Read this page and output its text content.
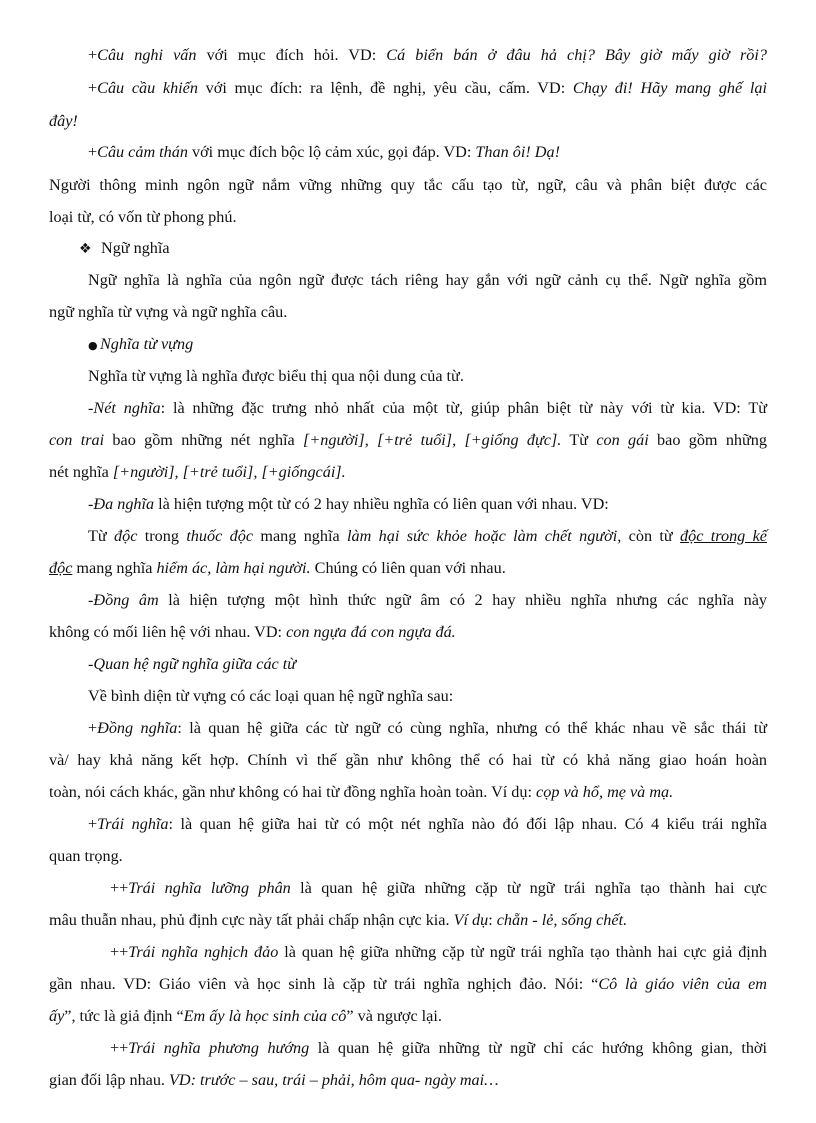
+Câu nghi vấn với mục đích hỏi. VD: Cá biển bán ở đâu hả chị? Bây giờ mấy giờ rồi?
+Câu cầu khiến với mục đích: ra lệnh, đề nghị, yêu cầu, cấm. VD: Chạy đi! Hãy mang ghế lại
đây!
+Câu cảm thán với mục đích bộc lộ cảm xúc, gọi đáp. VD: Than ôi! Dạ!
Người thông minh ngôn ngữ nắm vững những quy tắc cấu tạo từ, ngữ, câu và phân biệt được các
loại từ, có vốn từ phong phú.
❖ Ngữ nghĩa
Ngữ nghĩa là nghĩa của ngôn ngữ được tách riêng hay gắn với ngữ cảnh cụ thể. Ngữ nghĩa gồm
ngữ nghĩa từ vựng và ngữ nghĩa câu.
● Nghĩa từ vựng
Nghĩa từ vựng là nghĩa được biểu thị qua nội dung của từ.
-Nét nghĩa: là những đặc trưng nhỏ nhất của một từ, giúp phân biệt từ này với từ kia. VD: Từ
con trai bao gồm những nét nghĩa [+người], [+trẻ tuổi], [+giống đực]. Từ con gái bao gồm những
nét nghĩa [+người], [+trẻ tuổi], [+giốngcái].
-Đa nghĩa là hiện tượng một từ có 2 hay nhiều nghĩa có liên quan với nhau. VD:
Từ độc trong thuốc độc mang nghĩa làm hại sức khỏe hoặc làm chết người, còn từ độc trong kế
độc mang nghĩa hiểm ác, làm hại người. Chúng có liên quan với nhau.
-Đồng âm là hiện tượng một hình thức ngữ âm có 2 hay nhiều nghĩa nhưng các nghĩa này
không có mối liên hệ với nhau. VD: con ngựa đá con ngựa đá.
-Quan hệ ngữ nghĩa giữa các từ
Về bình diện từ vựng có các loại quan hệ ngữ nghĩa sau:
+Đồng nghĩa: là quan hệ giữa các từ ngữ có cùng nghĩa, nhưng có thể khác nhau về sắc thái từ
và/ hay khả năng kết hợp. Chính vì thế gần như không thể có hai từ có khả năng giao hoán hoàn
toàn, nói cách khác, gần như không có hai từ đồng nghĩa hoàn toàn. Ví dụ: cọp và hổ, mẹ và mạ.
+Trái nghĩa: là quan hệ giữa hai từ có một nét nghĩa nào đó đối lập nhau. Có 4 kiểu trái nghĩa
quan trọng.
++Trái nghĩa lưỡng phân là quan hệ giữa những cặp từ ngữ trái nghĩa tạo thành hai cực
mâu thuẫn nhau, phủ định cực này tất phải chấp nhận cực kia. Ví dụ: chẵn - lẻ, sống chết.
++Trái nghĩa nghịch đảo là quan hệ giữa những cặp từ ngữ trái nghĩa tạo thành hai cực giả định
gần nhau. VD: Giáo viên và học sinh là cặp từ trái nghĩa nghịch đảo. Nói: “Cô là giáo viên của em
ấy”, tức là giả định “Em ấy là học sinh của cô” và ngược lại.
++Trái nghĩa phương hướng là quan hệ giữa những từ ngữ chỉ các hướng không gian, thời
gian đối lập nhau. VD: trước – sau, trái – phải, hôm qua- ngày mai…
